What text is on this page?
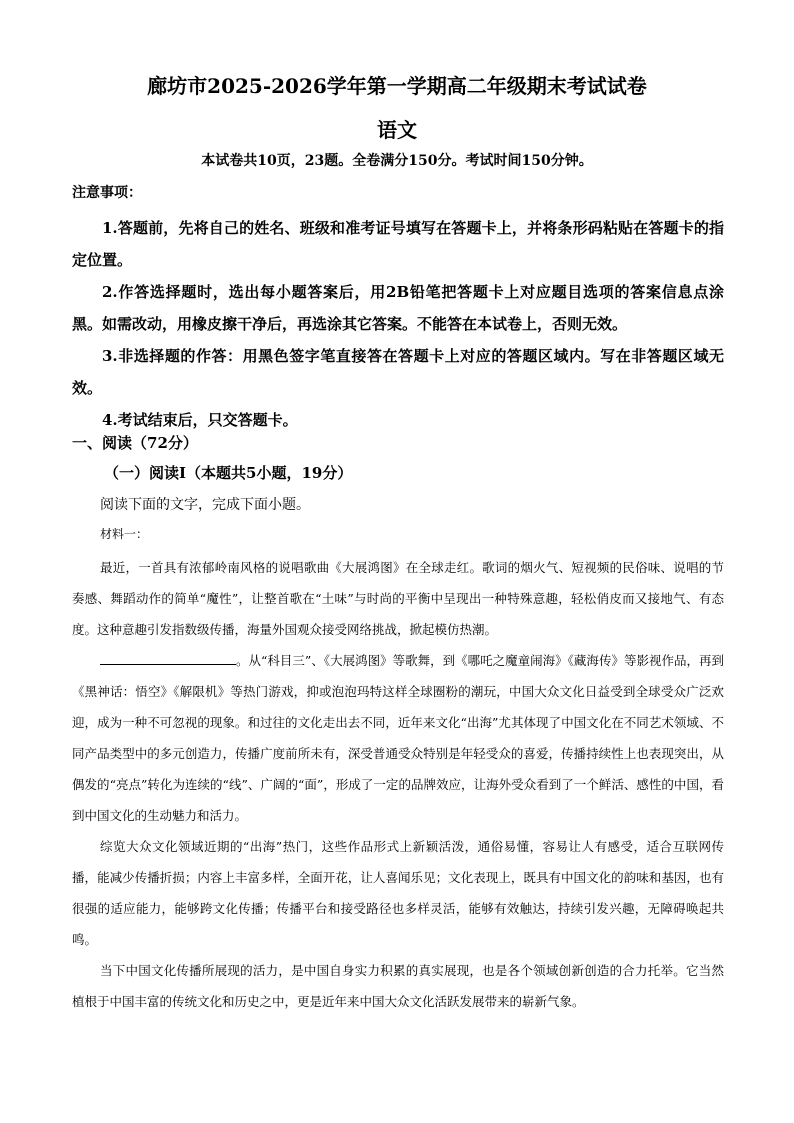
廊坊市2025-2026学年第一学期高二年级期末考试试卷
语文
本试卷共10页，23题。全卷满分150分。考试时间150分钟。
注意事项：
1.答题前，先将自己的姓名、班级和准考证号填写在答题卡上，并将条形码粘贴在答题卡的指定位置。
2.作答选择题时，选出每小题答案后，用2B铅笔把答题卡上对应题目选项的答案信息点涂黑。如需改动，用橡皮擦干净后，再选涂其它答案。不能答在本试卷上，否则无效。
3.非选择题的作答：用黑色签字笔直接答在答题卡上对应的答题区域内。写在非答题区域无效。
4.考试结束后，只交答题卡。
一、阅读（72分）
（一）阅读Ⅰ（本题共5小题，19分）
阅读下面的文字，完成下面小题。
材料一：
最近，一首具有浓郁岭南风格的说唱歌曲《大展鸿图》在全球走红。歌词的烟火气、短视频的民俗味、说唱的节奏感、舞蹈动作的简单“魔性”，让整首歌在“土味”与时尚的平衡中呈现出一种特殊意趣，轻松俏皮而又接地气、有态度。这种意趣引发指数级传播，海量外国观众接受网络挑战，掀起模仿热潮。
。从“科目三”、《大展鸿图》等歌舞，到《哪吒之魔童闹海》《藏海传》等影视作品，再到《黑神话：悟空》《解限机》等热门游戏，抑或泡泡玛特这样全球圈粉的潮玩，中国大众文化日益受到全球受众广泛欢迎，成为一种不可忽视的现象。和过往的文化走出去不同，近年来文化“出海”尤其体现了中国文化在不同艺术领域、不同产品类型中的多元创造力，传播广度前所未有，深受普通受众特别是年轻受众的喜爱，传播持续性上也表现突出，从偶发的“亮点”转化为连续的“线”、广阔的“面”，形成了一定的品牌效应，让海外受众看到了一个鲜活、感性的中国，看到中国文化的生动魅力和活力。
综览大众文化领域近期的“出海”热门，这些作品形式上新颖活泼，通俗易懂，容易让人有感受，适合互联网传播，能减少传播折损；内容上丰富多样，全面开花，让人喜闻乐见；文化表现上，既具有中国文化的韵味和基因，也有很强的适应能力，能够跨文化传播；传播平台和接受路径也多样灵活，能够有效触达，持续引发兴趣，无障碍唤起共鸣。
当下中国文化传播所展现的活力，是中国自身实力积累的真实展现，也是各个领域创新创造的合力托举。它当然植根于中国丰富的传统文化和历史之中，更是近年来中国大众文化活跃发展带来的崭新气象。
